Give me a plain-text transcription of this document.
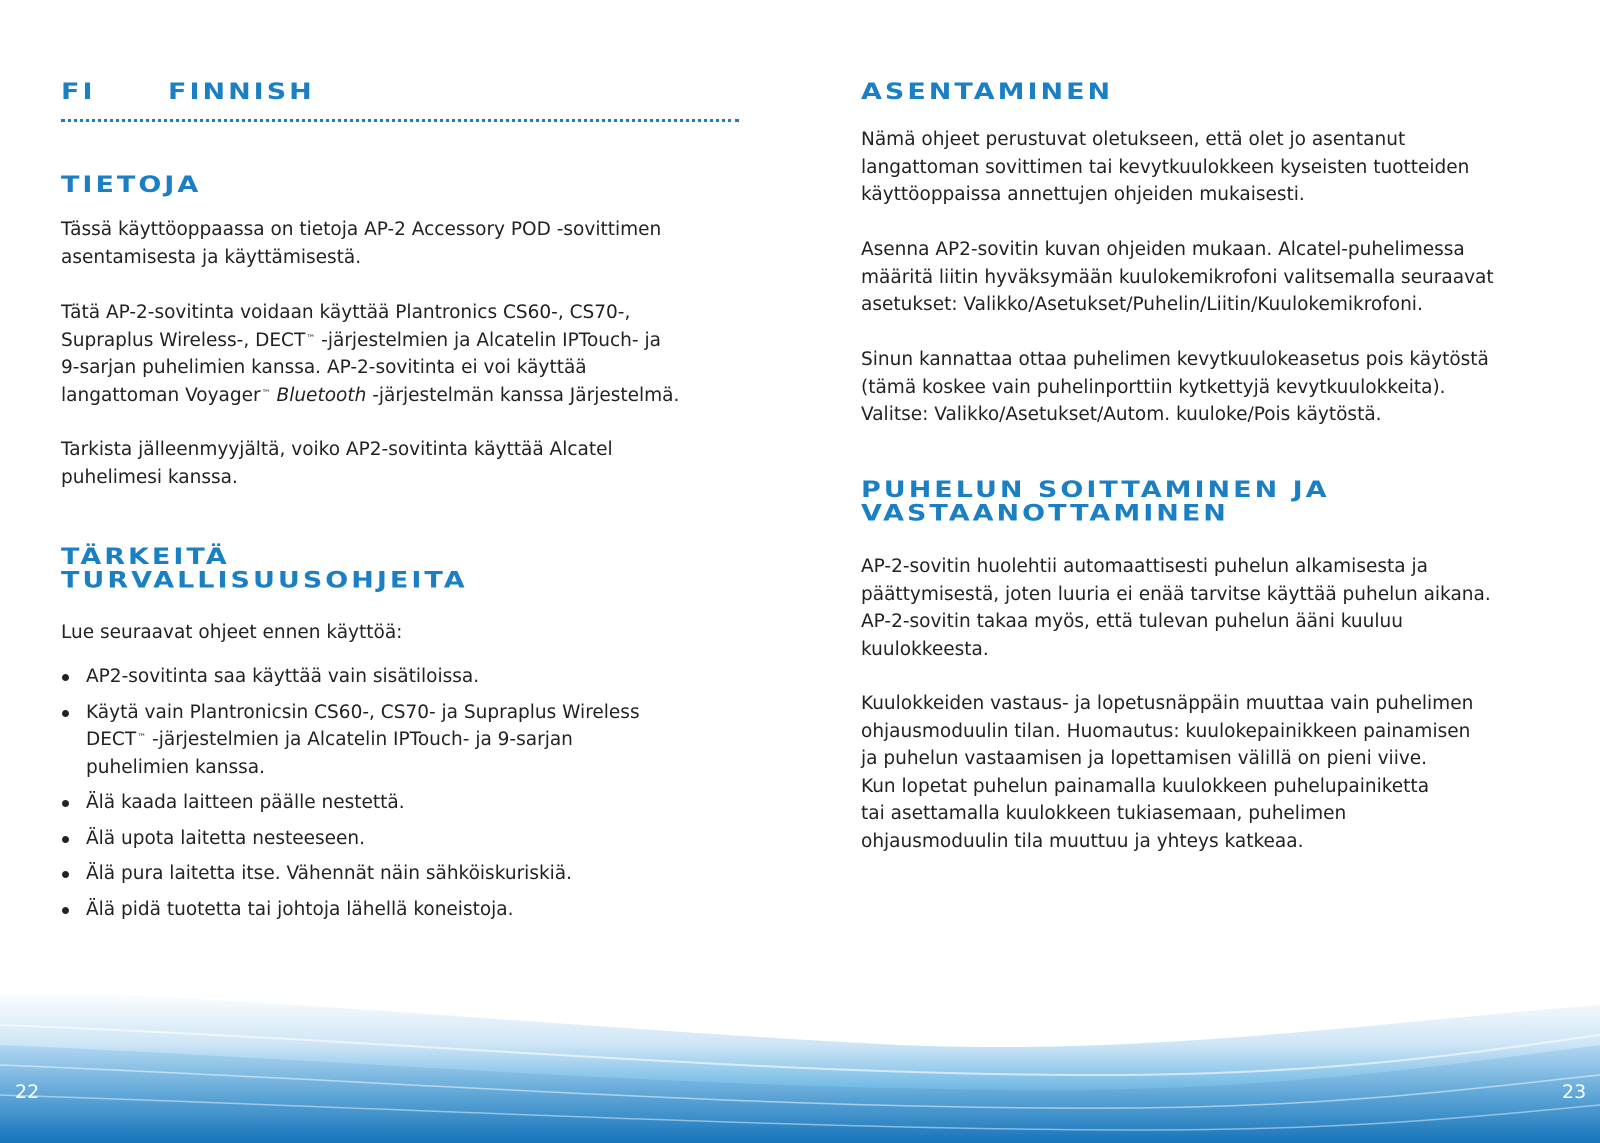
FI	FINNISH
TIETOJA

Tässä käyttöoppaassa on tietoja AP-2 Accessory POD -sovittimen
asentamisesta ja käyttämisestä.

Tätä AP-2-sovitinta voidaan käyttää Plantronics CS60-, CS70-,
Supraplus Wireless-, DECT™ -järjestelmien ja Alcatelin IPTouch- ja
9-sarjan puhelimien kanssa. AP-2-sovitinta ei voi käyttää
langattoman Voyager™ Bluetooth -järjestelmän kanssa Järjestelmä.

Tarkista jälleenmyyjältä, voiko AP2-sovitinta käyttää Alcatel
puhelimesi kanssa.

TÄRKEITÄ
TURVALLISUUSOHJEITA

Lue seuraavat ohjeet ennen käyttöä:

AP2-sovitinta saa käyttää vain sisätiloissa.
Käytä vain Plantronicsin CS60-, CS70- ja Supraplus Wireless
DECT™ -järjestelmien ja Alcatelin IPTouch- ja 9-sarjan
puhelimien kanssa.
Älä kaada laitteen päälle nestettä.
Älä upota laitetta nesteeseen.
Älä pura laitetta itse. Vähennät näin sähköiskuriskiä.
Älä pidä tuotetta tai johtoja lähellä koneistoja.
ASENTAMINEN

Nämä ohjeet perustuvat oletukseen, että olet jo asentanut
langattoman sovittimen tai kevytkuulokkeen kyseisten tuotteiden
käyttöoppaissa annettujen ohjeiden mukaisesti.

Asenna AP2-sovitin kuvan ohjeiden mukaan. Alcatel-puhelimessa
määritä liitin hyväksymään kuulokemikrofoni valitsemalla seuraavat
asetukset: Valikko/Asetukset/Puhelin/Liitin/Kuulokemikrofoni.

Sinun kannattaa ottaa puhelimen kevytkuulokeasetus pois käytöstä
(tämä koskee vain puhelinporttiin kytkettyjä kevytkuulokkeita).
Valitse: Valikko/Asetukset/Autom. kuuloke/Pois käytöstä.

PUHELUN SOITTAMINEN JA
VASTAANOTTAMINEN

AP-2-sovitin huolehtii automaattisesti puhelun alkamisesta ja
päättymisestä, joten luuria ei enää tarvitse käyttää puhelun aikana.
AP-2-sovitin takaa myös, että tulevan puhelun ääni kuuluu
kuulokkeesta.

Kuulokkeiden vastaus- ja lopetusnäppäin muuttaa vain puhelimen
ohjausmoduulin tilan. Huomautus: kuulokepainikkeen painamisen
ja puhelun vastaamisen ja lopettamisen välillä on pieni viive.
Kun lopetat puhelun painamalla kuulokkeen puhelupainiketta
tai asettamalla kuulokkeen tukiasemaan, puhelimen
ohjausmoduulin tila muuttuu ja yhteys katkeaa.

22	23
